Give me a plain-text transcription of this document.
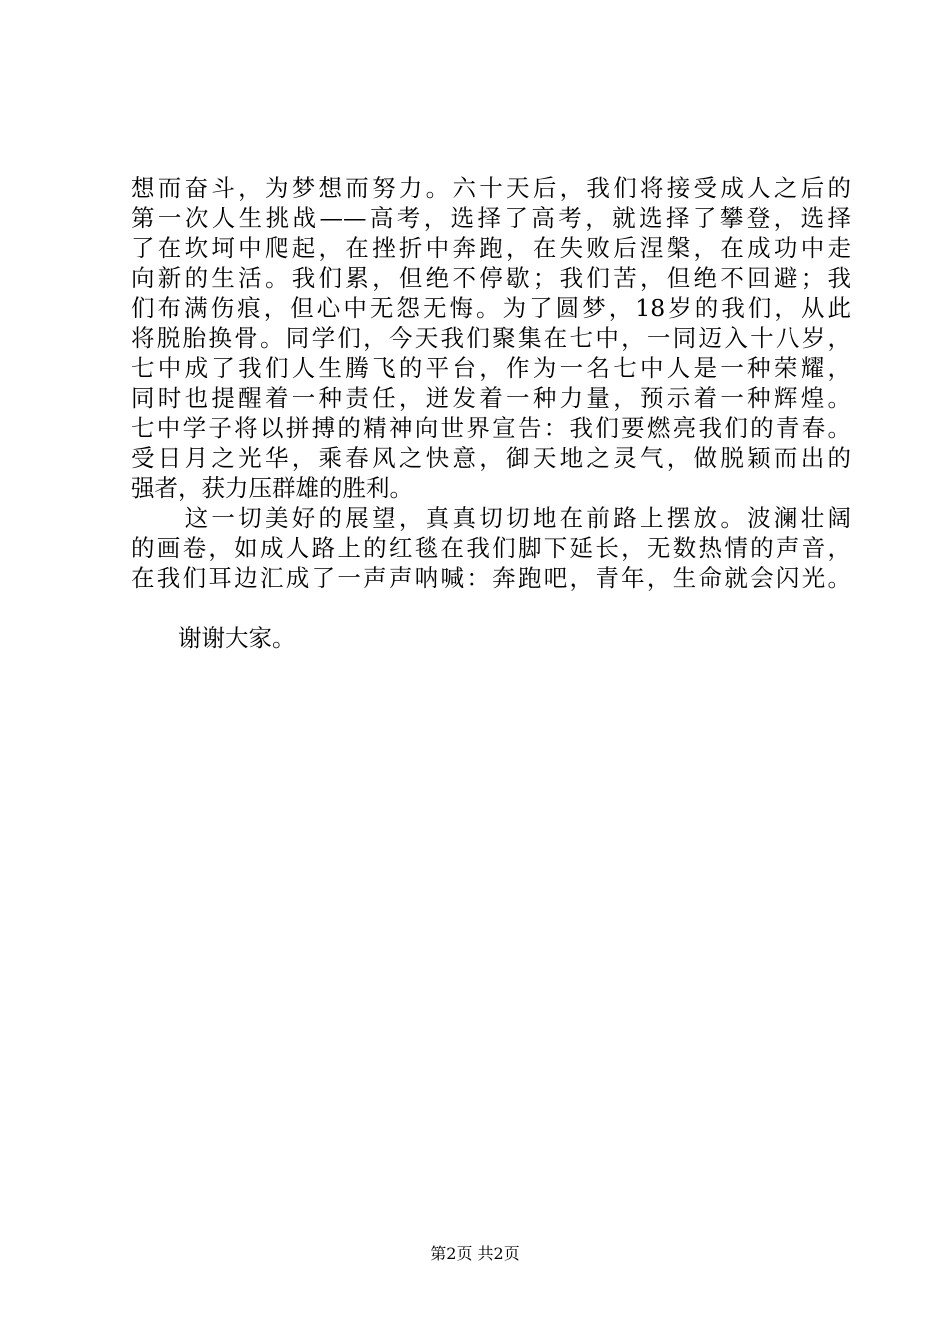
想而奋斗，为梦想而努力。六十天后，我们将接受成人之后的
第一次人生挑战——高考，选择了高考，就选择了攀登，选择
了在坎坷中爬起，在挫折中奔跑，在失败后涅槃，在成功中走
向新的生活。我们累，但绝不停歇；我们苦，但绝不回避；我
们布满伤痕，但心中无怨无悔。为了圆梦，18岁的我们，从此
将脱胎换骨。同学们，今天我们聚集在七中，一同迈入十八岁，
七中成了我们人生腾飞的平台，作为一名七中人是一种荣耀，
同时也提醒着一种责任，迸发着一种力量，预示着一种辉煌。
七中学子将以拼搏的精神向世界宣告：我们要燃亮我们的青春。
受日月之光华，乘春风之快意，御天地之灵气，做脱颖而出的
强者，获力压群雄的胜利。
　　这一切美好的展望，真真切切地在前路上摆放。波澜壮阔
的画卷，如成人路上的红毯在我们脚下延长，无数热情的声音，
在我们耳边汇成了一声声呐喊：奔跑吧，青年，生命就会闪光。
　　谢谢大家。
第2页 共2页
